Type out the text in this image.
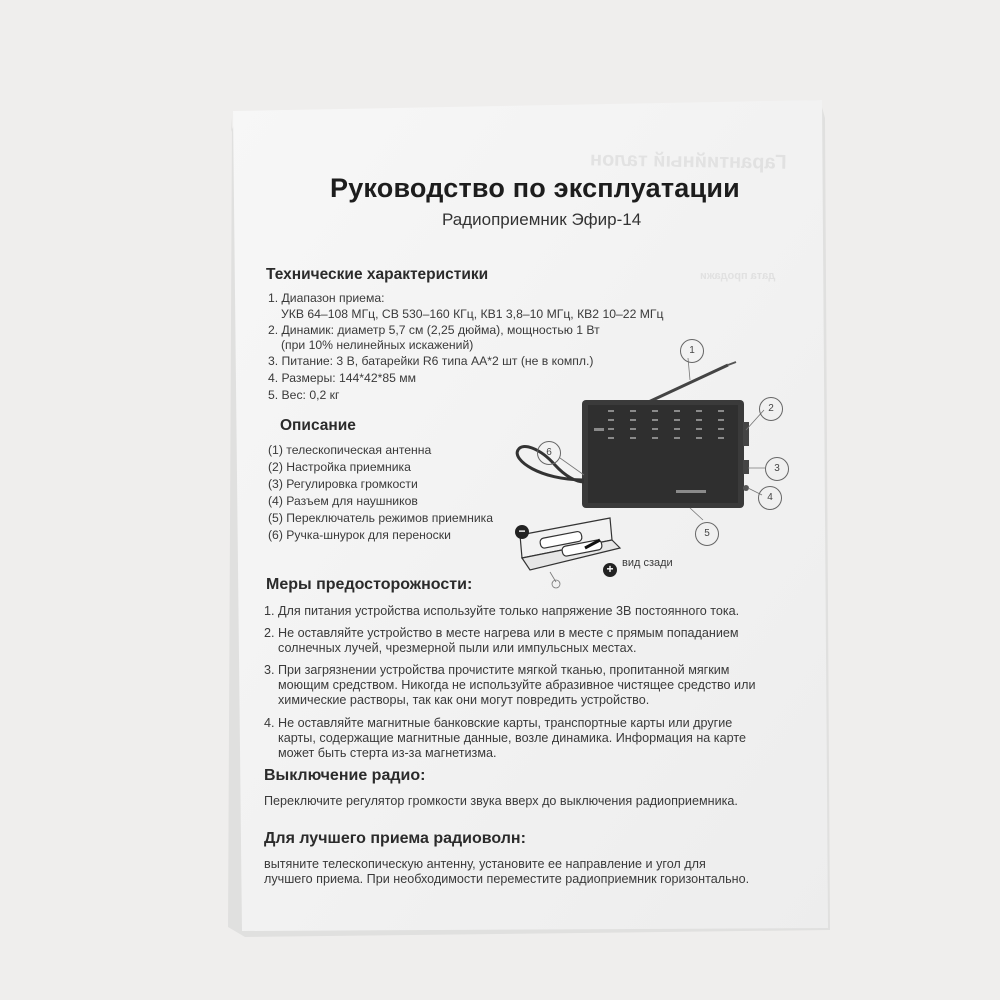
Гарантийный талон
дата продажи
Руководство по эксплуатации
Радиоприемник Эфир-14
Технические характеристики
1. Диапазон приема:
УКВ 64–108 МГц, СВ 530–160 КГц, КВ1 3,8–10 МГц, КВ2 10–22 МГц
2. Динамик: диаметр 5,7 см (2,25 дюйма), мощностью 1 Вт
(при 10% нелинейных искажений)
3. Питание: 3 В, батарейки R6 типа АА*2 шт (не в компл.)
4. Размеры: 144*42*85 мм
5. Вес: 0,2 кг
Описание
(1) телескопическая антенна
(2) Настройка приемника
(3) Регулировка громкости
(4) Разъем для наушников
(5) Переключатель режимов приемника
(6) Ручка-шнурок для переноски
1
2
3
4
5
6
−
+ вид сзади
Меры предосторожности:
1. Для питания устройства используйте только напряжение 3В постоянного тока.
2. Не оставляйте устройство в месте нагрева или в месте с прямым попаданием
солнечных лучей, чрезмерной пыли или импульсных местах.
3. При загрязнении устройства прочистите мягкой тканью, пропитанной мягким
моющим средством. Никогда не используйте абразивное чистящее средство или
химические растворы, так как они могут повредить устройство.
4. Не оставляйте магнитные банковские карты, транспортные карты или другие
карты, содержащие магнитные данные, возле динамика. Информация на карте
может быть стерта из-за магнетизма.
Выключение радио:
Переключите регулятор громкости звука вверх до выключения радиоприемника.
Для лучшего приема радиоволн:
вытяните телескопическую антенну, установите ее направление и угол для
лучшего приема. При необходимости переместите радиоприемник горизонтально.
